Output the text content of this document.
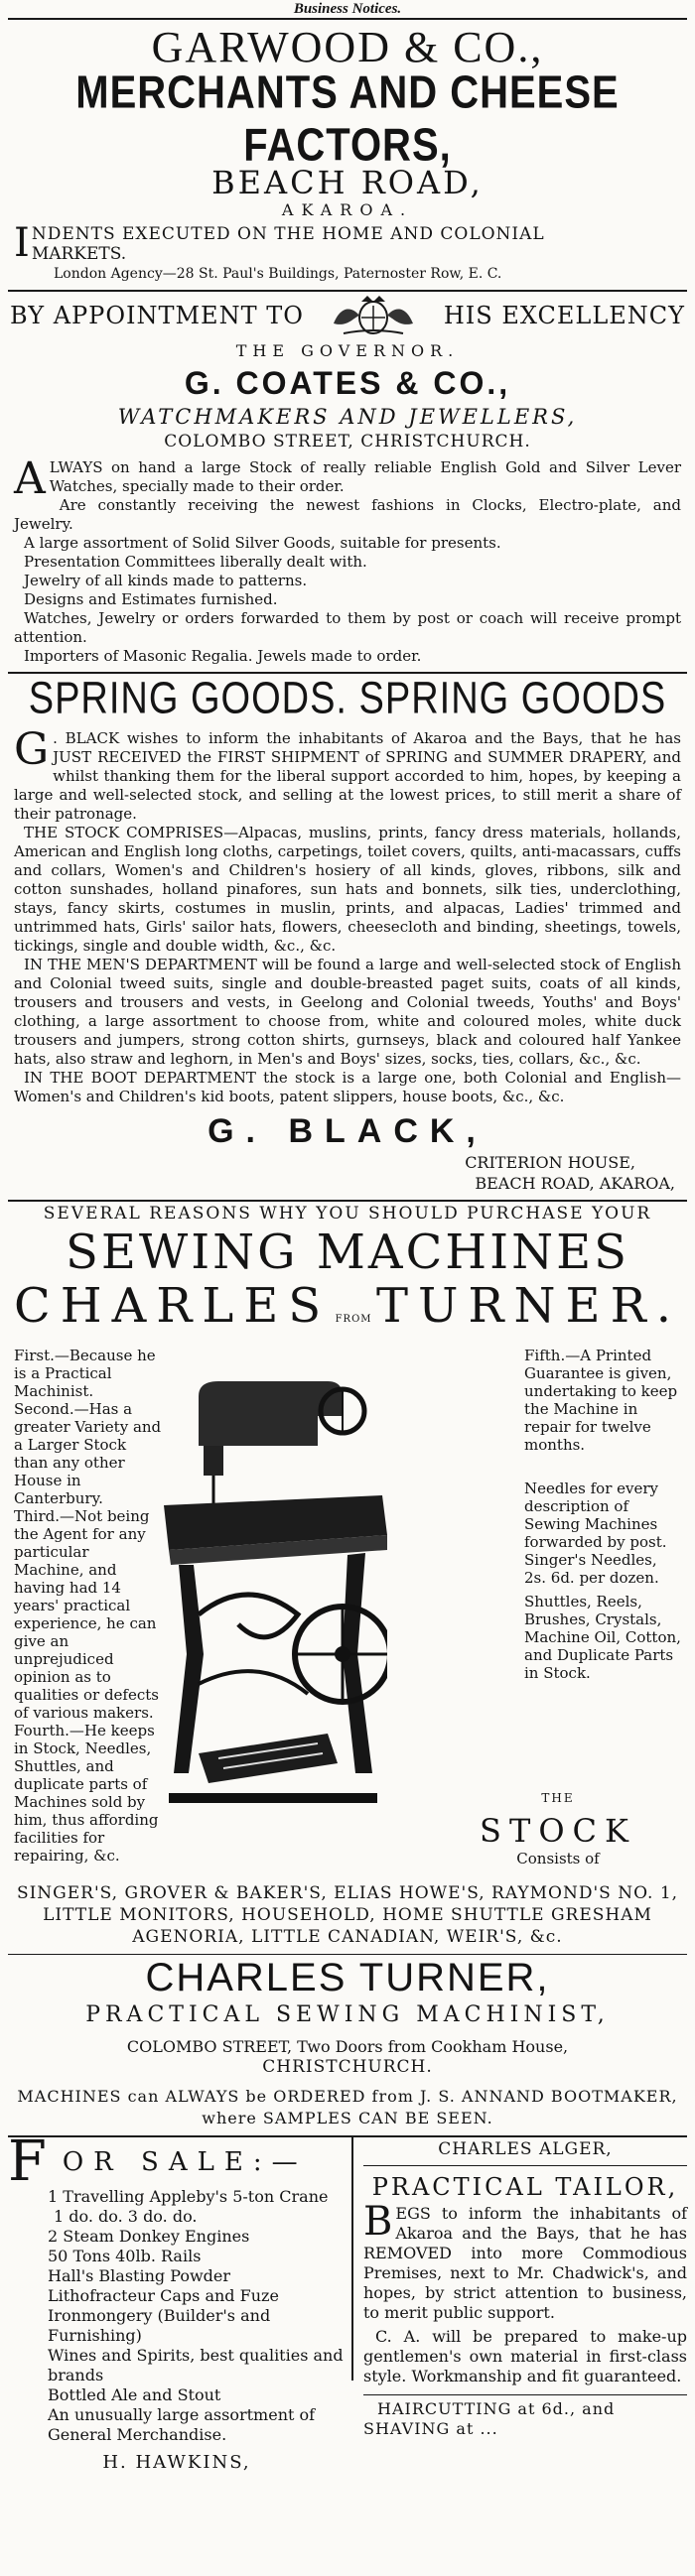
Business Notices.
GARWOOD & CO.,
MERCHANTS AND CHEESE FACTORS,
BEACH ROAD,
AKAROA.
I NDENTS EXECUTED ON THE HOME AND COLONIAL
MARKETS.
London Agency—28 St. Paul's Buildings, Paternoster Row, E. C.
BY APPOINTMENT TO	HIS EXCELLENCY
THE GOVERNOR.
G. COATES & CO.,
WATCHMAKERS AND JEWELLERS,
COLOMBO STREET, CHRISTCHURCH.
A LWAYS on hand a large Stock of really reliable English Gold and Silver Lever Watches, specially made to their order.

Are constantly receiving the newest fashions in Clocks, Electro-plate, and Jewelry.

A large assortment of Solid Silver Goods, suitable for presents.

Presentation Committees liberally dealt with.

Jewelry of all kinds made to patterns.

Designs and Estimates furnished.

Watches, Jewelry or orders forwarded to them by post or coach will receive prompt attention.

Importers of Masonic Regalia. Jewels made to order.

SPRING GOODS. SPRING GOODS
G . BLACK wishes to inform the inhabitants of Akaroa and the Bays, that he has JUST RECEIVED the FIRST SHIPMENT of SPRING and SUMMER DRAPERY, and whilst thanking them for the liberal support accorded to him, hopes, by keeping a large and well-selected stock, and selling at the lowest prices, to still merit a share of their patronage.

THE STOCK COMPRISES—Alpacas, muslins, prints, fancy dress materials, hollands, American and English long cloths, carpetings, toilet covers, quilts, anti-macassars, cuffs and collars, Women's and Children's hosiery of all kinds, gloves, ribbons, silk and cotton sunshades, holland pinafores, sun hats and bonnets, silk ties, underclothing, stays, fancy skirts, costumes in muslin, prints, and alpacas, Ladies' trimmed and untrimmed hats, Girls' sailor hats, flowers, cheesecloth and binding, sheetings, towels, tickings, single and double width, &c., &c.

IN THE MEN'S DEPARTMENT will be found a large and well-selected stock of English and Colonial tweed suits, single and double-breasted paget suits, coats of all kinds, trousers and trousers and vests, in Geelong and Colonial tweeds, Youths' and Boys' clothing, a large assortment to choose from, white and coloured moles, white duck trousers and jumpers, strong cotton shirts, gurnseys, black and coloured half Yankee hats, also straw and leghorn, in Men's and Boys' sizes, socks, ties, collars, &c., &c.

IN THE BOOT DEPARTMENT the stock is a large one, both Colonial and English—Women's and Children's kid boots, patent slippers, house boots, &c., &c.

G. BLACK,
CRITERION HOUSE,
BEACH ROAD, AKAROA,
SEVERAL REASONS WHY YOU SHOULD PURCHASE YOUR
SEWING MACHINES
CHARLES FROM TURNER.

First.—Because he is a Practical Machinist.

Second.—Has a greater Variety and a Larger Stock than any other House in Canterbury.

Third.—Not being the Agent for any particular Machine, and having had 14 years' practical experience, he can give an unprejudiced opinion as to qualities or defects of various makers.

Fourth.—He keeps in Stock, Needles, Shuttles, and duplicate parts of Machines sold by him, thus affording facilities for repairing, &c.

Fifth.—A Printed Guarantee is given, undertaking to keep the Machine in repair for twelve months.

Needles for every description of Sewing Machines forwarded by post. Singer's Needles, 2s. 6d. per dozen.

Shuttles, Reels, Brushes, Crystals, Machine Oil, Cotton, and Duplicate Parts in Stock.

THE
STOCK
Consists of
SINGER'S, GROVER & BAKER'S, ELIAS HOWE'S, RAYMOND'S NO. 1, LITTLE MONITORS, HOUSEHOLD, HOME SHUTTLE GRESHAM AGENORIA, LITTLE CANADIAN, WEIR'S, &c.
CHARLES TURNER,
PRACTICAL SEWING MACHINIST,
COLOMBO STREET, Two Doors from Cookham House,
CHRISTCHURCH.
MACHINES can ALWAYS be ORDERED from J. S. ANNAND BOOTMAKER, where SAMPLES CAN BE SEEN.
F OR SALE:—
1 Travelling Appleby's 5-ton Crane
1 do. do. 3 do. do.
2 Steam Donkey Engines
50 Tons 40lb. Rails
Hall's Blasting Powder
Lithofracteur Caps and Fuze
Ironmongery (Builder's and Furnishing)
Wines and Spirits, best qualities and brands
Bottled Ale and Stout
An unusually large assortment of General Merchandise.
H. HAWKINS,
CHARLES ALGER,
PRACTICAL TAILOR,
B EGS to inform the inhabitants of Akaroa and the Bays, that he has REMOVED into more Commodious Premises, next to Mr. Chadwick's, and hopes, by strict attention to business, to merit public support.

C. A. will be prepared to make-up gentlemen's own material in first-class style. Workmanship and fit guaranteed.

HAIRCUTTING at 6d., and
SHAVING at ...
